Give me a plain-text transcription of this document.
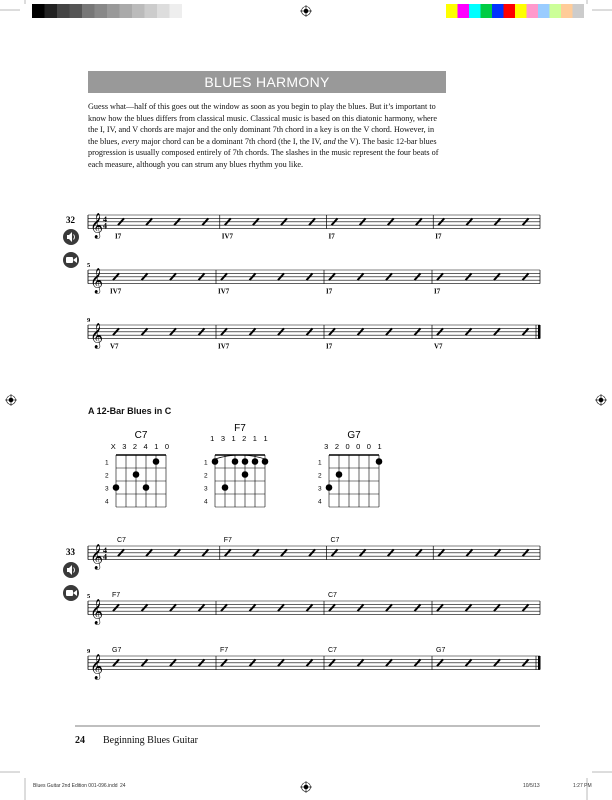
BLUES HARMONY
Guess what—half of this goes out the window as soon as you begin to play the blues. But it’s important to know how the blues differs from classical music. Classical music is based on this diatonic harmony, where the I, IV, and V chords are major and the only dominant 7th chord in a key is on the V chord. However, in the blues, every major chord can be a dominant 7th chord (the I, the IV, and the V). The basic 12-bar blues progression is usually composed entirely of 7th chords. The slashes in the music represent the four beats of each measure, although you can strum any blues rhythm you like.
32 𝄞 4
4
I7	IV7	I7	I7
𝄞 IV7	IV7	I7	I7
5
𝄞 V7	IV7	I7	V7
9
33 𝄞 4
4
C7	F7	C7
𝄞
F7	C7
5
𝄞
G7	F7	C7	G7
9
C7
X 3 2 4 1 0
1
2
3
4
F7
1 3 1 2 1 1
1
2
3
4
G7
3 2 0 0 0 1
1
2
3
4
A 12-Bar Blues in C
24 Beginning Blues Guitar
Blues Guitar 2nd Edition 001-096.indd 24	10/5/13	1:27 PM
